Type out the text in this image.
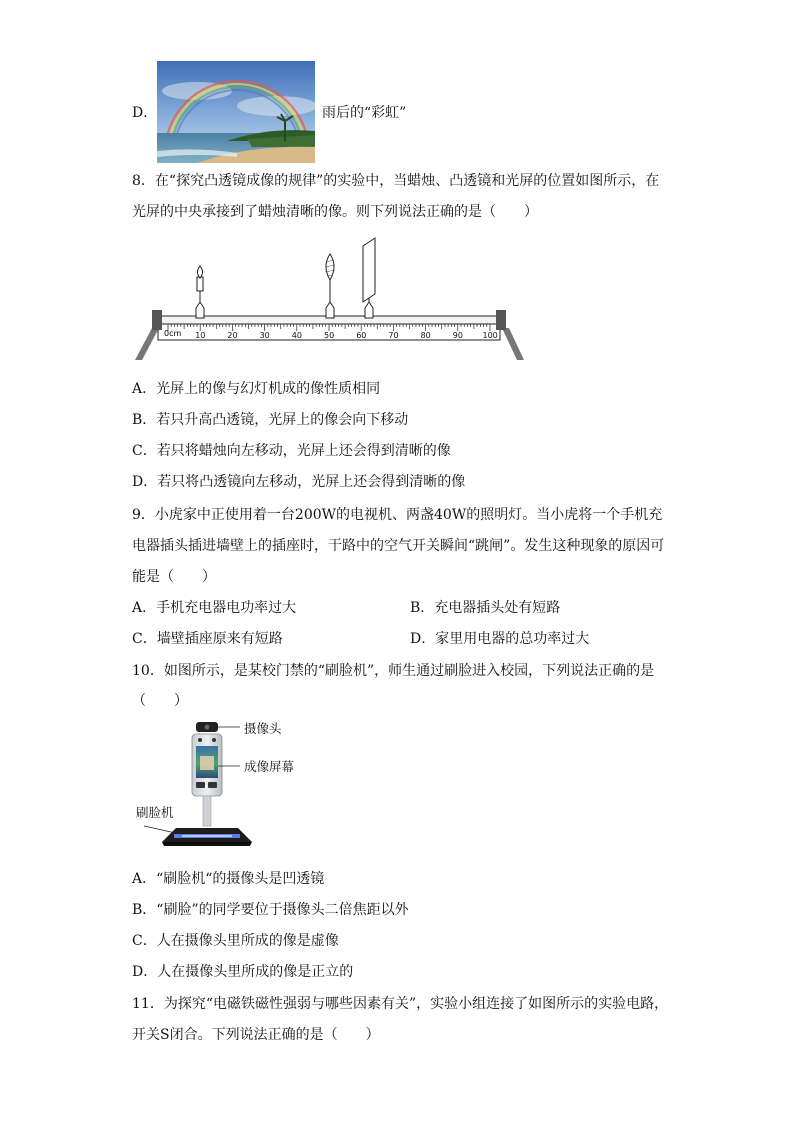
D．	雨后的“彩虹”
8．在“探究凸透镜成像的规律”的实验中，当蜡烛、凸透镜和光屏的位置如图所示，在
光屏的中央承接到了蜡烛清晰的像。则下列说法正确的是（　　）
0cm 10	20	30	40	50	60	70	80	90 100
A．光屏上的像与幻灯机成的像性质相同
B．若只升高凸透镜，光屏上的像会向下移动
C．若只将蜡烛向左移动，光屏上还会得到清晰的像
D．若只将凸透镜向左移动，光屏上还会得到清晰的像
9．小虎家中正使用着一台200W的电视机、两盏40W的照明灯。当小虎将一个手机充
电器插头插进墙壁上的插座时，干路中的空气开关瞬间“跳闸”。发生这种现象的原因可
能是（　　）
A．手机充电器电功率过大	B．充电器插头处有短路
C．墙壁插座原来有短路	D．家里用电器的总功率过大
10．如图所示，是某校门禁的“刷脸机”，师生通过刷脸进入校园，下列说法正确的是
（　　）
摄像头
成像屏幕
刷脸机
A．“刷脸机“的摄像头是凹透镜
B．“刷脸”的同学要位于摄像头二倍焦距以外
C．人在摄像头里所成的像是虚像
D．人在摄像头里所成的像是正立的
11．为探究“电磁铁磁性强弱与哪些因素有关”，实验小组连接了如图所示的实验电路，
开关S闭合。下列说法正确的是（　　）
